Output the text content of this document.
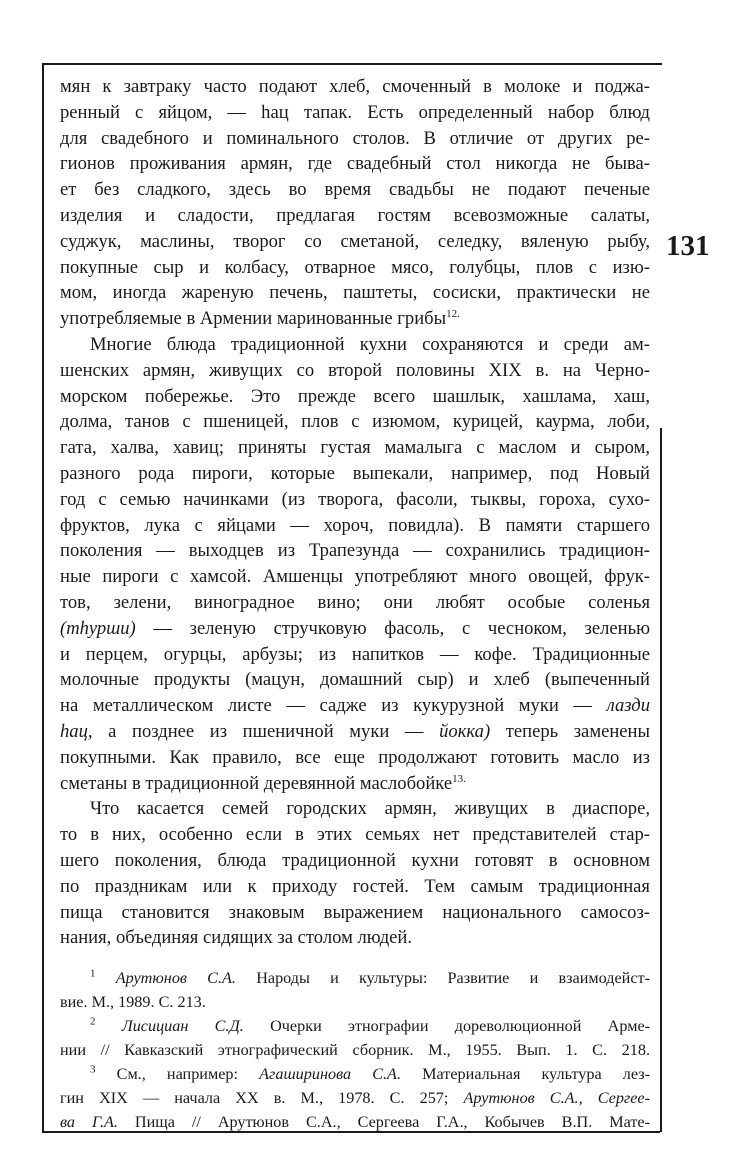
131
мян к завтраку часто подают хлеб, смоченный в молоке и поджа-
ренный с яйцом, — hац тапак. Есть определенный набор блюд
для свадебного и поминального столов. В отличие от других ре-
гионов проживания армян, где свадебный стол никогда не быва-
ет без сладкого, здесь во время свадьбы не подают печеные
изделия и сладости, предлагая гостям всевозможные салаты,
суджук, маслины, творог со сметаной, селедку, вяленую рыбу,
покупные сыр и колбасу, отварное мясо, голубцы, плов с изю-
мом, иногда жареную печень, паштеты, сосиски, практически не
употребляемые в Армении маринованные грибы$^{12.}$
Многие блюда традиционной кухни сохраняются и среди ам-
шенских армян, живущих со второй половины XIX в. на Черно-
морском побережье. Это прежде всего шашлык, хашлама, хаш,
долма, танов с пшеницей, плов с изюмом, курицей, каурма, лоби,
гата, халва, хавиц; приняты густая мамалыга с маслом и сыром,
разного рода пироги, которые выпекали, например, под Новый
год с семью начинками (из творога, фасоли, тыквы, гороха, сухо-
фруктов, лука с яйцами — хороч, повидла). В памяти старшего
поколения — выходцев из Трапезунда — сохранились традицион-
ные пироги с хамсой. Амшенцы употребляют много овощей, фрук-
тов, зелени, виноградное вино; они любят особые соленья
(тhурши) — зеленую стручковую фасоль, с чесноком, зеленью
и перцем, огурцы, арбузы; из напитков — кофе. Традиционные
молочные продукты (мацун, домашний сыр) и хлеб (выпеченный
на металлическом листе — садже из кукурузной муки — лазди
hац, а позднее из пшеничной муки — йокка) теперь заменены
покупными. Как правило, все еще продолжают готовить масло из
сметаны в традиционной деревянной маслобойке$^{13.}$
Что касается семей городских армян, живущих в диаспоре,
то в них, особенно если в этих семьях нет представителей стар-
шего поколения, блюда традиционной кухни готовят в основном
по праздникам или к приходу гостей. Тем самым традиционная
пища становится знаковым выражением национального самосоз-
нания, объединяя сидящих за столом людей.
$^1$ Арутюнов С.А. Народы и культуры: Развитие и взаимодейст-
вие. М., 1989. С. 213.
$^2$ Лисициан С.Д. Очерки этнографии дореволюционной Арме-
нии // Кавказский этнографический сборник. М., 1955. Вып. 1. С. 218.
$^3$ См., например: Агаширинова С.А. Материальная культура лез-
гин XIX — начала XX в. М., 1978. С. 257; Арутюнов С.А., Сергее-
ва Г.А. Пища // Арутюнов С.А., Сергеева Г.А., Кобычев В.П. Мате-
